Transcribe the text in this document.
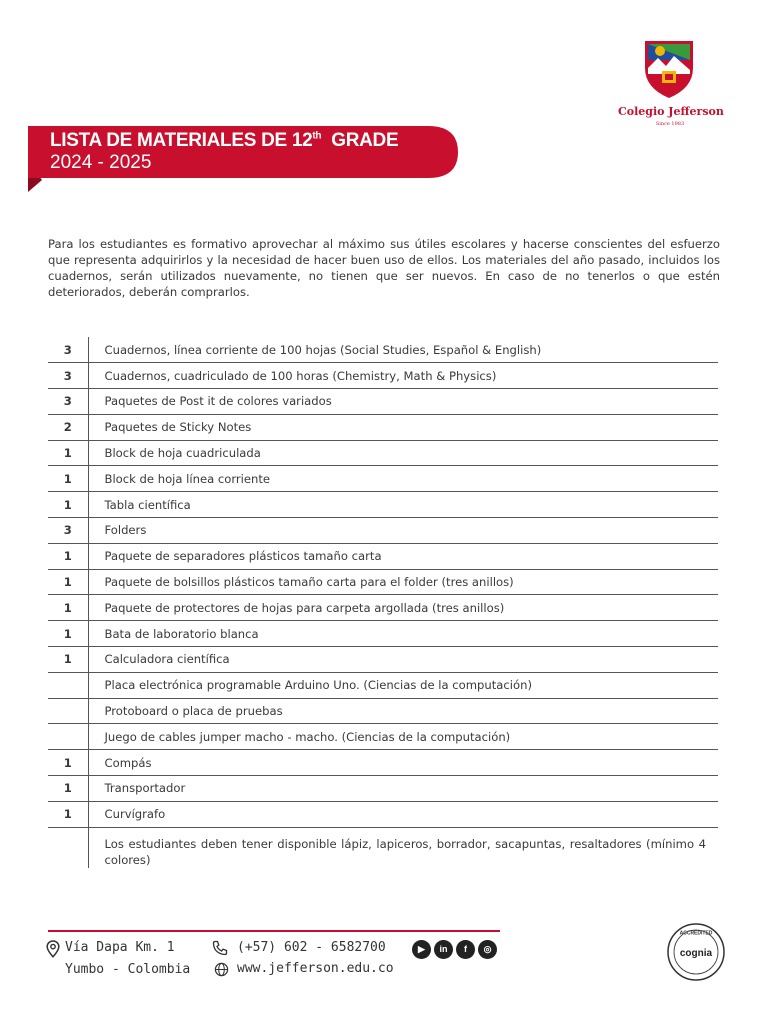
Colegio Jefferson
Since 1983
LISTA DE MATERIALES DE 12th GRADE
2024 - 2025

Para los estudiantes es formativo aprovechar al máximo sus útiles escolares y hacerse conscientes del esfuerzo que representa adquirirlos y la necesidad de hacer buen uso de ellos. Los materiales del año pasado, incluidos los cuadernos, serán utilizados nuevamente, no tienen que ser nuevos. En caso de no tenerlos o que estén deteriorados, deberán comprarlos.

3	Cuadernos, línea corriente de 100 hojas (Social Studies, Español & English)
3	Cuadernos, cuadriculado de 100 horas (Chemistry, Math & Physics)
3	Paquetes de Post it de colores variados
2	Paquetes de Sticky Notes
1	Block de hoja cuadriculada
1	Block de hoja línea corriente
1	Tabla científica
3	Folders
1	Paquete de separadores plásticos tamaño carta
1	Paquete de bolsillos plásticos tamaño carta para el folder (tres anillos)
1	Paquete de protectores de hojas para carpeta argollada (tres anillos)
1	Bata de laboratorio blanca
1	Calculadora científica
	Placa electrónica programable Arduino Uno. (Ciencias de la computación)
	Protoboard o placa de pruebas
	Juego de cables jumper macho - macho. (Ciencias de la computación)
1	Compás
1	Transportador
1	Curvígrafo
	Los estudiantes deben tener disponible lápiz, lapiceros, borrador, sacapuntas, resaltadores (mínimo 4 colores)
Vía Dapa Km. 1
Yumbo - Colombia
(+57) 602 - 6582700
www.jefferson.edu.co
▶	in	f	◎
ACCREDITED
cognia
